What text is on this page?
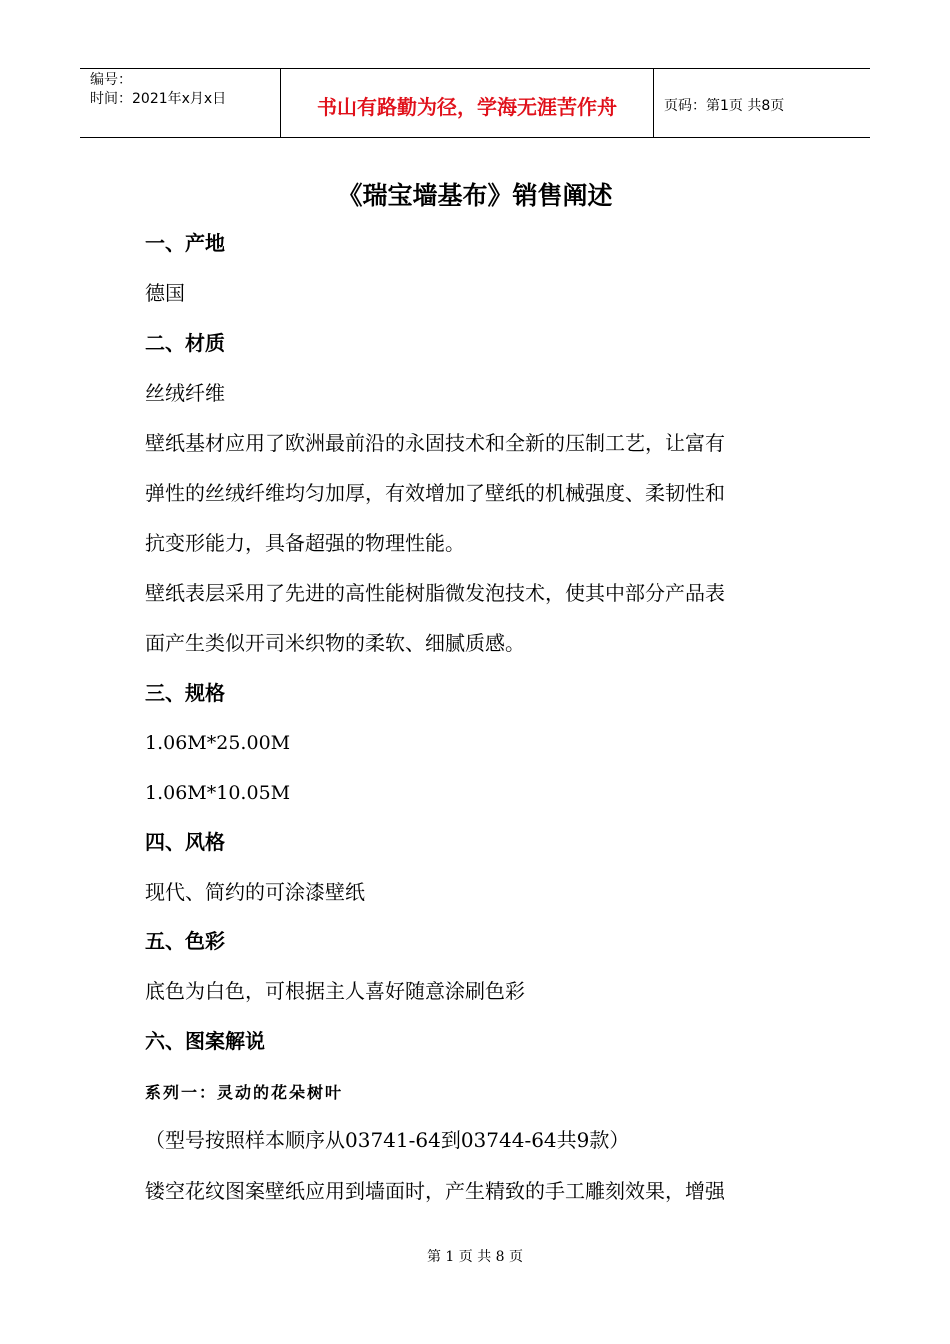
编号：
时间：2021年x月x日	书山有路勤为径，学海无涯苦作舟	页码：第1页 共8页
《瑞宝墙基布》销售阐述
一、产地
德国
二、材质
丝绒纤维
壁纸基材应用了欧洲最前沿的永固技术和全新的压制工艺，让富有
弹性的丝绒纤维均匀加厚，有效增加了壁纸的机械强度、柔韧性和
抗变形能力，具备超强的物理性能。
壁纸表层采用了先进的高性能树脂微发泡技术，使其中部分产品表
面产生类似开司米织物的柔软、细腻质感。
三、规格
1.06M*25.00M
1.06M*10.05M
四、风格
现代、简约的可涂漆壁纸
五、色彩
底色为白色，可根据主人喜好随意涂刷色彩
六、图案解说
系列一：灵动的花朵树叶
（型号按照样本顺序从03741-64到03744-64共9款）
镂空花纹图案壁纸应用到墙面时，产生精致的手工雕刻效果，增强
第 1 页 共 8 页
